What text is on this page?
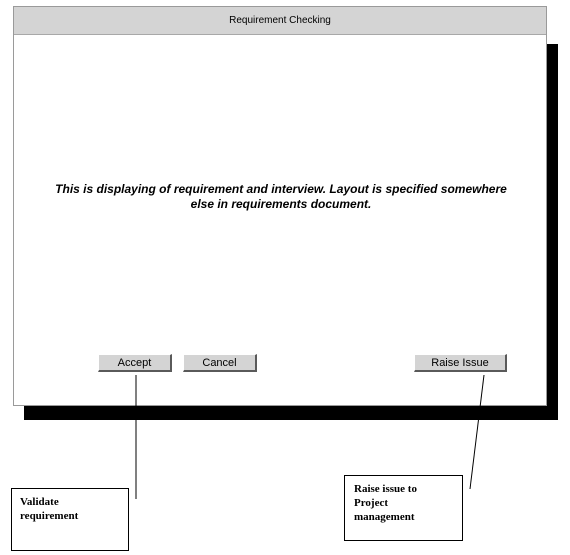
Requirement Checking
This is displaying of requirement and interview. Layout is specified somewhere else in requirements document.
Accept	Cancel	Raise Issue
Validate
requirement
Raise issue to
Project
management
